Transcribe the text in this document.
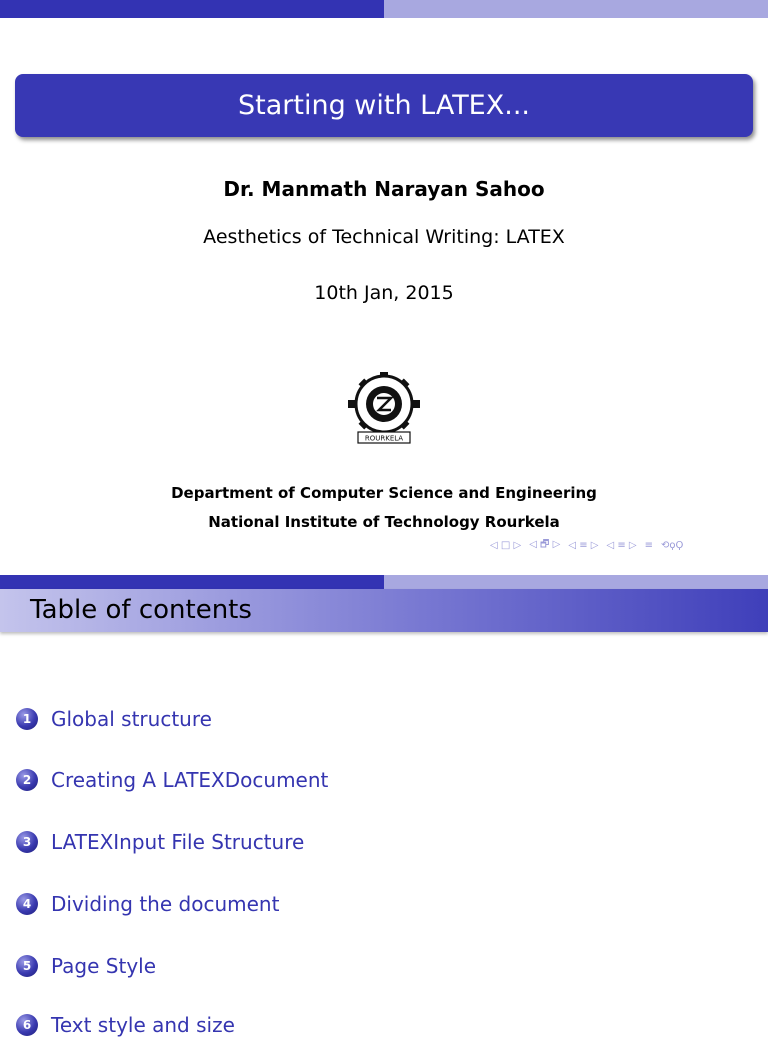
Starting with LATEX...
Dr. Manmath Narayan Sahoo
Aesthetics of Technical Writing: LATEX
10th Jan, 2015
ROURKELA
Department of Computer Science and Engineering
National Institute of Technology Rourkela
◁ □ ▷ ◁ 🗗 ▷ ◁ ≡ ▷ ◁ ≡ ▷ ≡ ⟲ϙϘ
Table of contents
1 Global structure
2 Creating A LATEXDocument
3 LATEXInput File Structure
4 Dividing the document
5 Page Style
6 Text style and size
